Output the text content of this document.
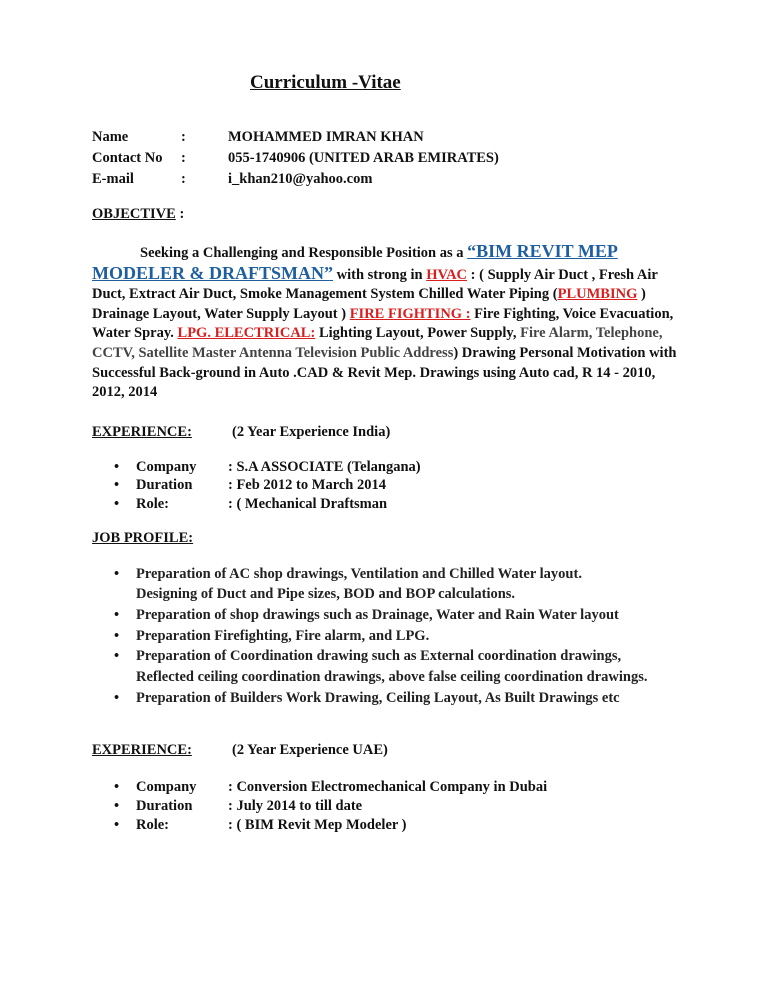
Curriculum -Vitae
Name	:	MOHAMMED IMRAN KHAN
Contact No :	055-1740906 (UNITED ARAB EMIRATES)
E-mail	:	i_khan210@yahoo.com
OBJECTIVE :
Seeking a Challenging and Responsible Position as a “BIM REVIT MEP MODELER & DRAFTSMAN” with strong in HVAC : ( Supply Air Duct , Fresh Air Duct, Extract Air Duct, Smoke Management System Chilled Water Piping (PLUMBING ) Drainage Layout, Water Supply Layout ) FIRE FIGHTING : Fire Fighting, Voice Evacuation, Water Spray. LPG. ELECTRICAL: Lighting Layout, Power Supply, Fire Alarm, Telephone, CCTV, Satellite Master Antenna Television Public Address) Drawing Personal Motivation with Successful Back-ground in Auto .CAD & Revit Mep. Drawings using Auto cad, R 14 - 2010, 2012, 2014
EXPERIENCE:	(2 Year Experience India)
• Company : S.A ASSOCIATE (Telangana)
• Duration : Feb 2012 to March 2014
• Role:	: ( Mechanical Draftsman
JOB PROFILE:
• Preparation of AC shop drawings, Ventilation and Chilled Water layout.
Designing of Duct and Pipe sizes, BOD and BOP calculations.
• Preparation of shop drawings such as Drainage, Water and Rain Water layout
• Preparation Firefighting, Fire alarm, and LPG.
• Preparation of Coordination drawing such as External coordination drawings,
Reflected ceiling coordination drawings, above false ceiling coordination drawings.
• Preparation of Builders Work Drawing, Ceiling Layout, As Built Drawings etc
EXPERIENCE:	(2 Year Experience UAE)
• Company : Conversion Electromechanical Company in Dubai
• Duration : July 2014 to till date
• Role:	: ( BIM Revit Mep Modeler )
